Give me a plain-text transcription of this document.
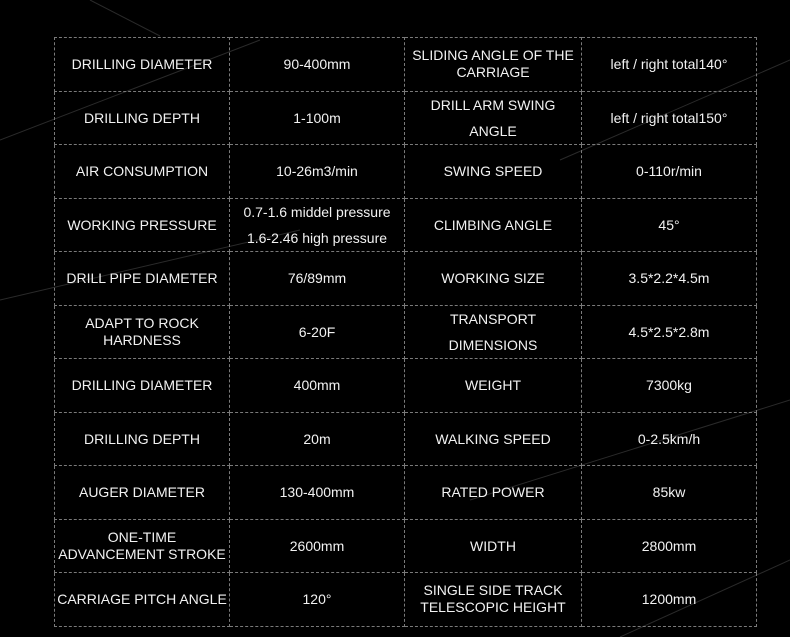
DRILLING DIAMETER	90-400mm	SLIDING ANGLE OF THE
CARRIAGE	left / right total140°

DRILLING DEPTH	1-100m	DRILL ARM SWING ANGLE	left / right total150°

AIR CONSUMPTION	10-26m3/min	SWING SPEED	0-110r/min

WORKING PRESSURE	0.7-1.6 middel pressure
1.6-2.46 high pressure	CLIMBING ANGLE	45°

DRILL PIPE DIAMETER	76/89mm	WORKING SIZE	3.5*2.2*4.5m

ADAPT TO ROCK
HARDNESS	6-20F	TRANSPORT DIMENSIONS	4.5*2.5*2.8m

DRILLING DIAMETER	400mm	WEIGHT	7300kg

DRILLING DEPTH	20m	WALKING SPEED	0-2.5km/h

AUGER DIAMETER	130-400mm	RATED POWER	85kw

ONE-TIME
ADVANCEMENT STROKE	2600mm	WIDTH	2800mm

CARRIAGE PITCH ANGLE	120°	SINGLE SIDE TRACK
TELESCOPIC HEIGHT	1200mm
